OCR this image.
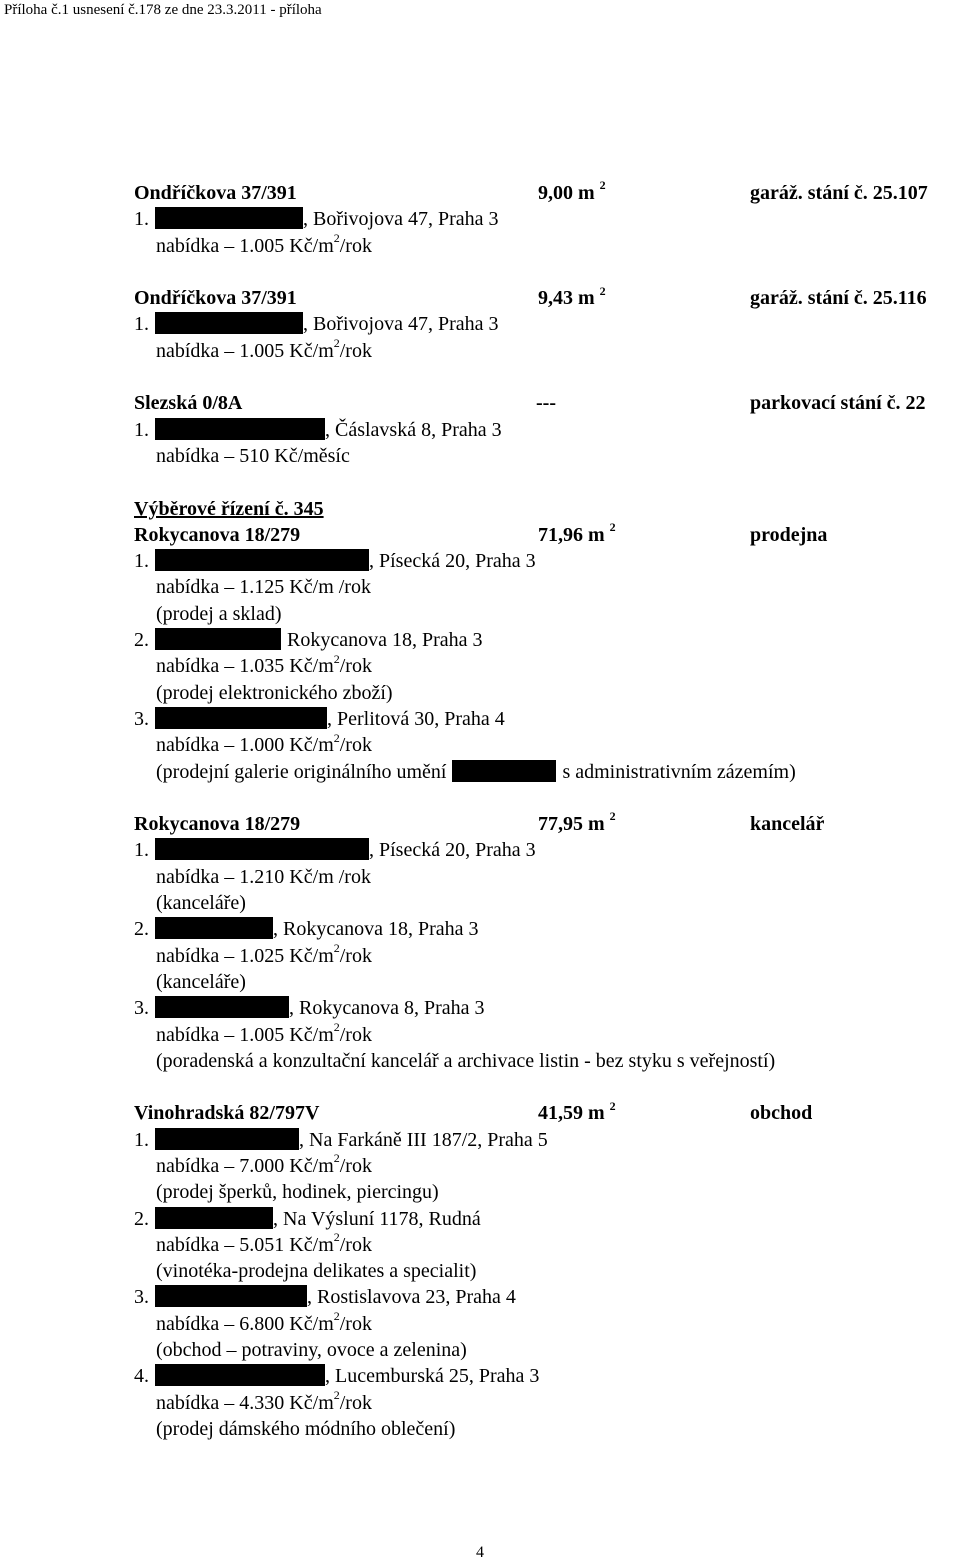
Příloha č.1 usnesení č.178 ze dne 23.3.2011 - příloha
Ondříčkova 37/391	9,00 m $^2$	garáž. stání č. 25.107
1.	, Bořivojova 47, Praha 3
nabídka – 1.005 $Kč/m^2$/rok
Ondříčkova 37/391	9,43 m $^2$	garáž. stání č. 25.116
1.	, Bořivojova 47, Praha 3
nabídka – 1.005 $Kč/m^2$/rok
Slezská 0/8A	---	parkovací stání č. 22
1.	, Čáslavská 8, Praha 3
nabídka – 510 Kč/měsíc
Výběrové řízení č. 345
Rokycanova 18/279	71,96 m $^2$	prodejna
1.	, Písecká 20, Praha 3
nabídka – 1.125 Kč/m /rok
(prodej a sklad)
2.	Rokycanova 18, Praha 3
nabídka – 1.035 $Kč/m^2$/rok
(prodej elektronického zboží)
3.	, Perlitová 30, Praha 4
nabídka – 1.000 $Kč/m^2$/rok
(prodejní galerie originálního umění	s administrativním zázemím)
Rokycanova 18/279	77,95 m $^2$	kancelář
1.	, Písecká 20, Praha 3
nabídka – 1.210 Kč/m /rok
(kanceláře)
2.	, Rokycanova 18, Praha 3
nabídka – 1.025 $Kč/m^2$/rok
(kanceláře)
3.	, Rokycanova 8, Praha 3
nabídka – 1.005 $Kč/m^2$/rok
(poradenská a konzultační kancelář a archivace listin - bez styku s veřejností)
Vinohradská 82/797V	41,59 m $^2$	obchod
1.	, Na Farkáně III 187/2, Praha 5
nabídka – 7.000 $Kč/m^2$/rok
(prodej šperků, hodinek, piercingu)
2.	, Na Výsluní 1178, Rudná
nabídka – 5.051 $Kč/m^2$/rok
(vinotéka-prodejna delikates a specialit)
3.	, Rostislavova 23, Praha 4
nabídka – 6.800 $Kč/m^2$/rok
(obchod – potraviny, ovoce a zelenina)
4.	, Lucemburská 25, Praha 3
nabídka – 4.330 $Kč/m^2$/rok
(prodej dámského módního oblečení)
4
